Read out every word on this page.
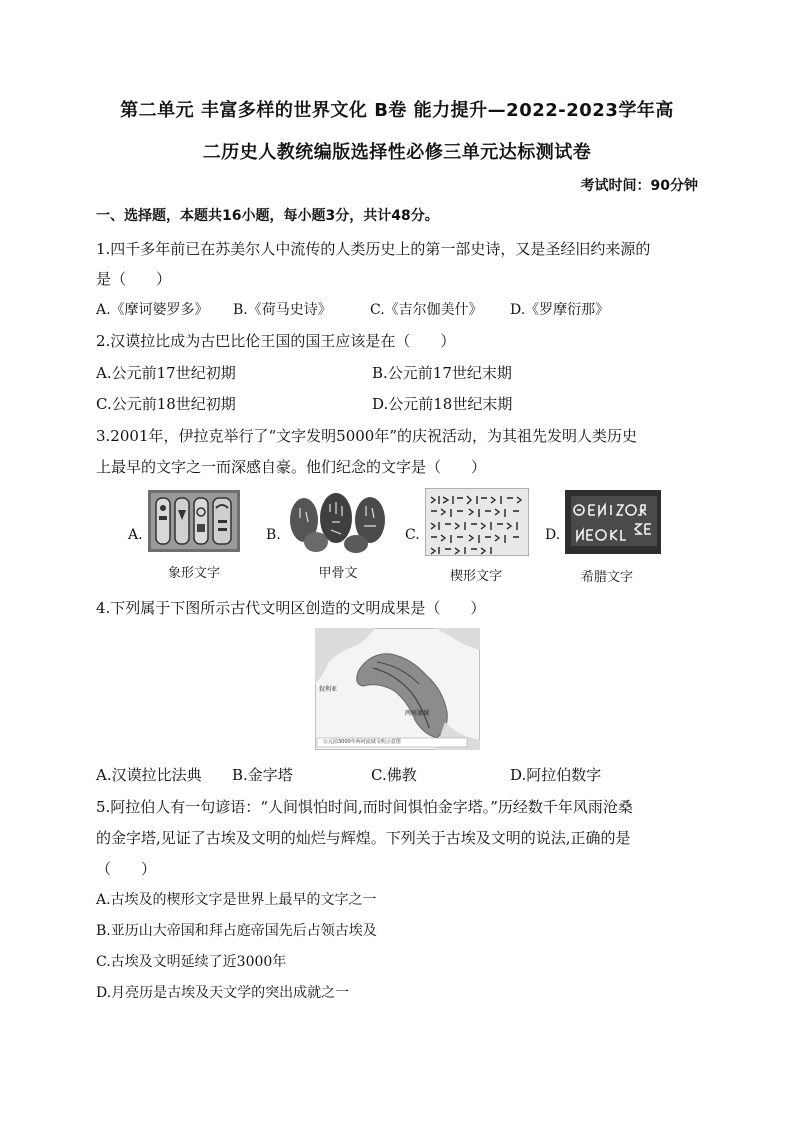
第二单元 丰富多样的世界文化 B卷 能力提升—2022-2023学年高
二历史人教统编版选择性必修三单元达标测试卷
考试时间：90分钟
一、选择题，本题共16小题，每小题3分，共计48分。
1.四千多年前已在苏美尔人中流传的人类历史上的第一部史诗，又是圣经旧约来源的
是（　　）
A.《摩诃婆罗多》 B.《荷马史诗》	C.《吉尔伽美什》 D.《罗摩衍那》
2.汉谟拉比成为古巴比伦王国的国王应该是在（　　）
A.公元前17世纪初期	B.公元前17世纪末期
C.公元前18世纪初期	D.公元前18世纪末期
3.2001年，伊拉克举行了“文字发明5000年”的庆祝活动，为其祖先发明人类历史
上最早的文字之一而深感自豪。他们纪念的文字是（　　）
A.
象形文字
B.
甲骨文
C.
楔形文字
D.
希腊文字
4.下列属于下图所示古代文明区创造的文明成果是（　　）
叙利亚
两河流域
公元前3000年两河流域文明示意图
A.汉谟拉比法典 B.金字塔	C.佛教	D.阿拉伯数字
5.阿拉伯人有一句谚语：“人间惧怕时间,而时间惧怕金字塔。”历经数千年风雨沧桑
的金字塔,见证了古埃及文明的灿烂与辉煌。下列关于古埃及文明的说法,正确的是
（　　）
A.古埃及的楔形文字是世界上最早的文字之一
B.亚历山大帝国和拜占庭帝国先后占领古埃及
C.古埃及文明延续了近3000年
D.月亮历是古埃及天文学的突出成就之一
